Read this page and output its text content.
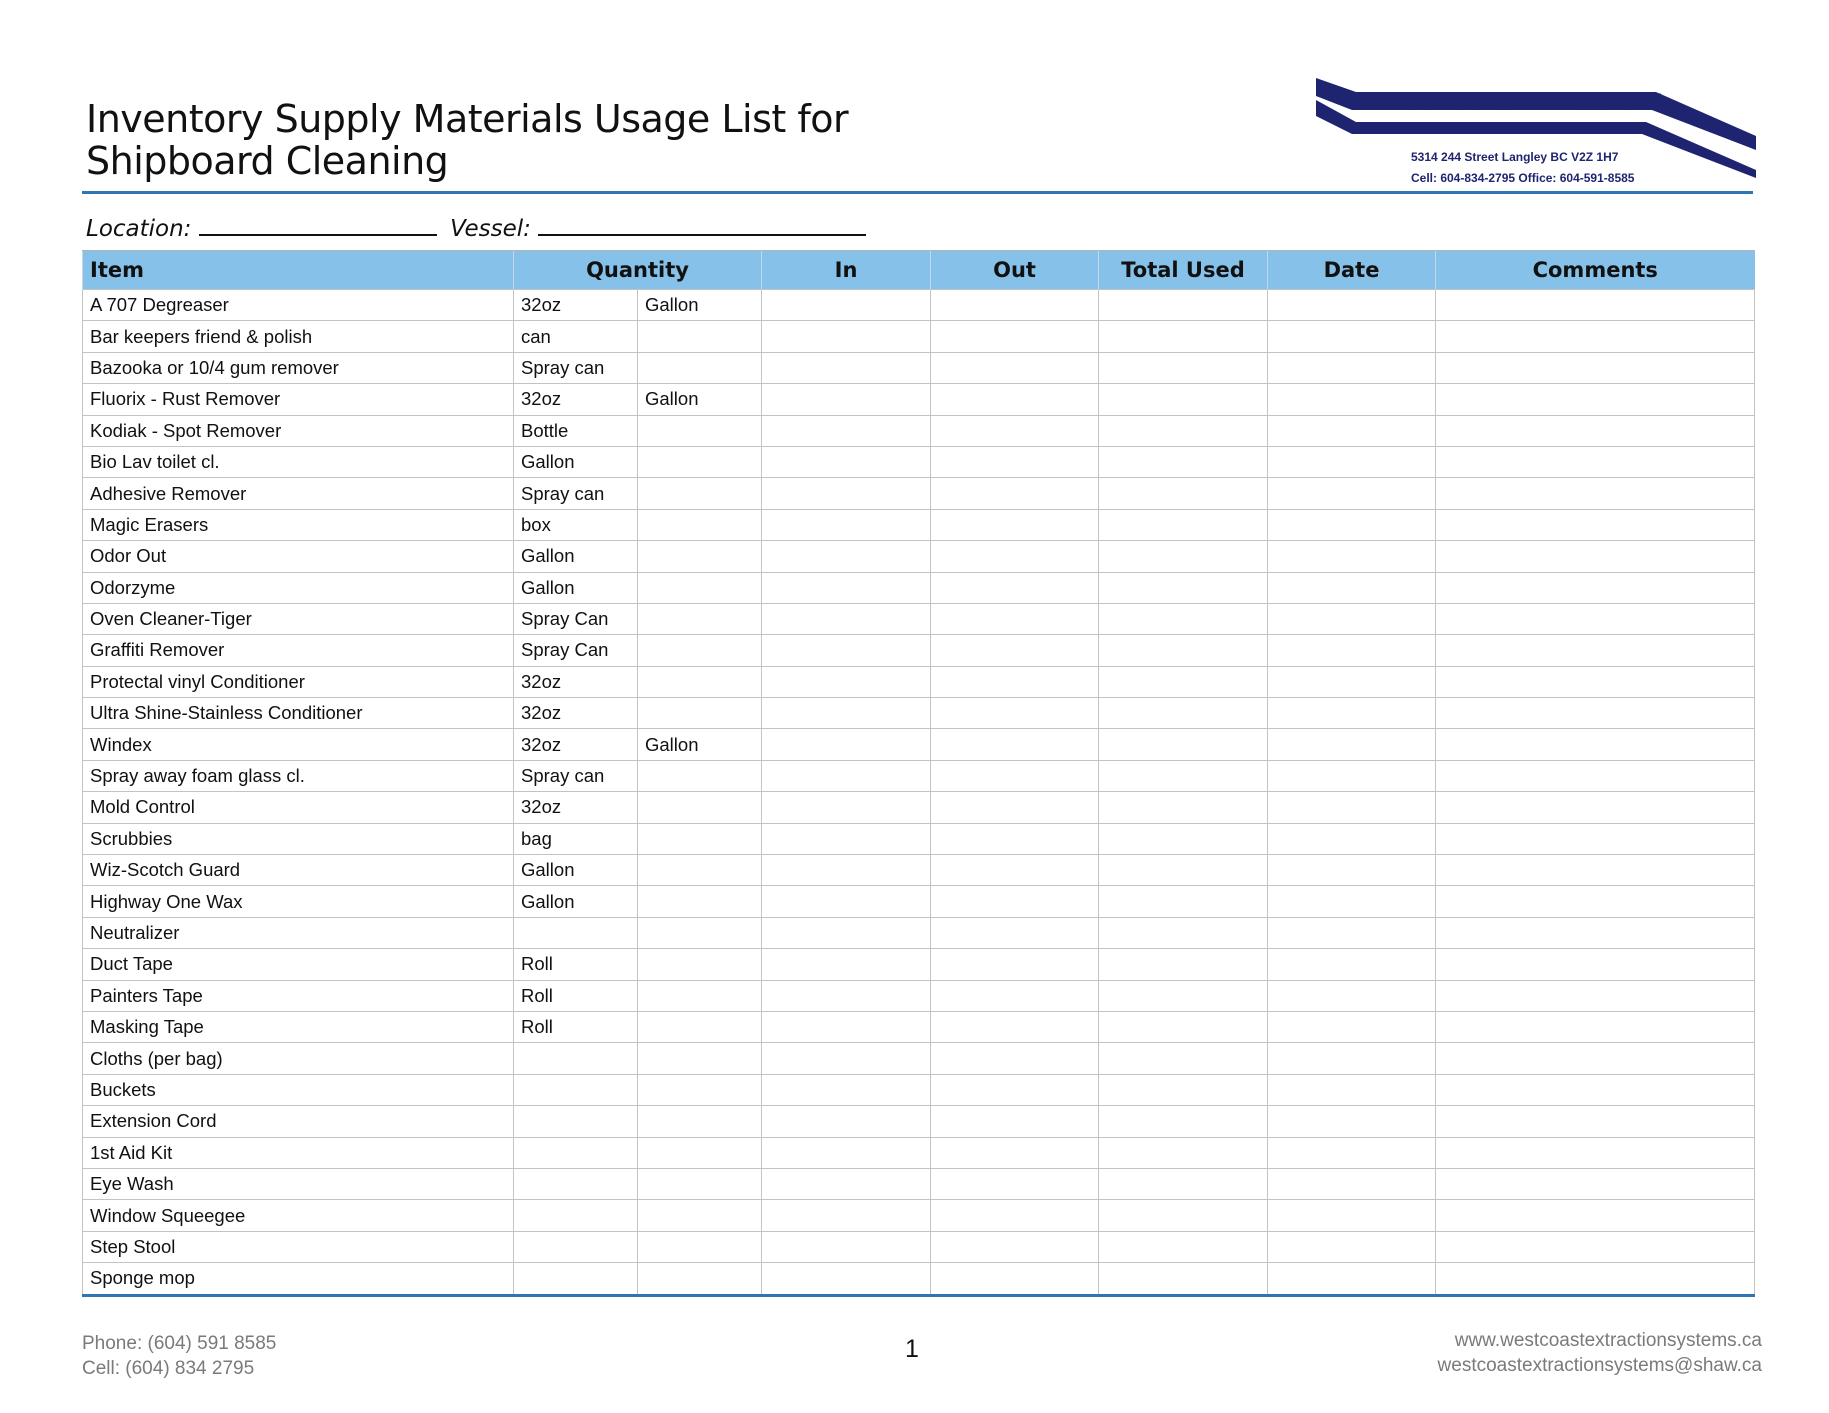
Inventory Supply Materials Usage List for
Shipboard Cleaning
West Coast Extraction Systems Ltd.
5314 244 Street Langley BC V2Z 1H7
Cell: 604-834-2795 Office: 604-591-8585
Location:	Vessel:
Item	Quantity		In	Out	Total Used	Date	Comments
A 707 Degreaser	32oz	Gallon					
Bar keepers friend & polish	can						
Bazooka or 10/4 gum remover	Spray can						
Fluorix - Rust Remover	32oz	Gallon					
Kodiak - Spot Remover	Bottle						
Bio Lav toilet cl.	Gallon						
Adhesive Remover	Spray can						
Magic Erasers	box						
Odor Out	Gallon						
Odorzyme	Gallon						
Oven Cleaner-Tiger	Spray Can						
Graffiti Remover	Spray Can						
Protectal vinyl Conditioner	32oz						
Ultra Shine-Stainless Conditioner	32oz						
Windex	32oz	Gallon					
Spray away foam glass cl.	Spray can						
Mold Control	32oz						
Scrubbies	bag						
Wiz-Scotch Guard	Gallon						
Highway One Wax	Gallon						
Neutralizer							
Duct Tape	Roll						
Painters Tape	Roll						
Masking Tape	Roll						
Cloths (per bag)							
Buckets							
Extension Cord							
1st Aid Kit							
Eye Wash							
Window Squeegee							
Step Stool							
Sponge mop							
Phone: (604) 591 8585
Cell: (604) 834 2795
1	www.westcoastextractionsystems.ca
westcoastextractionsystems@shaw.ca
